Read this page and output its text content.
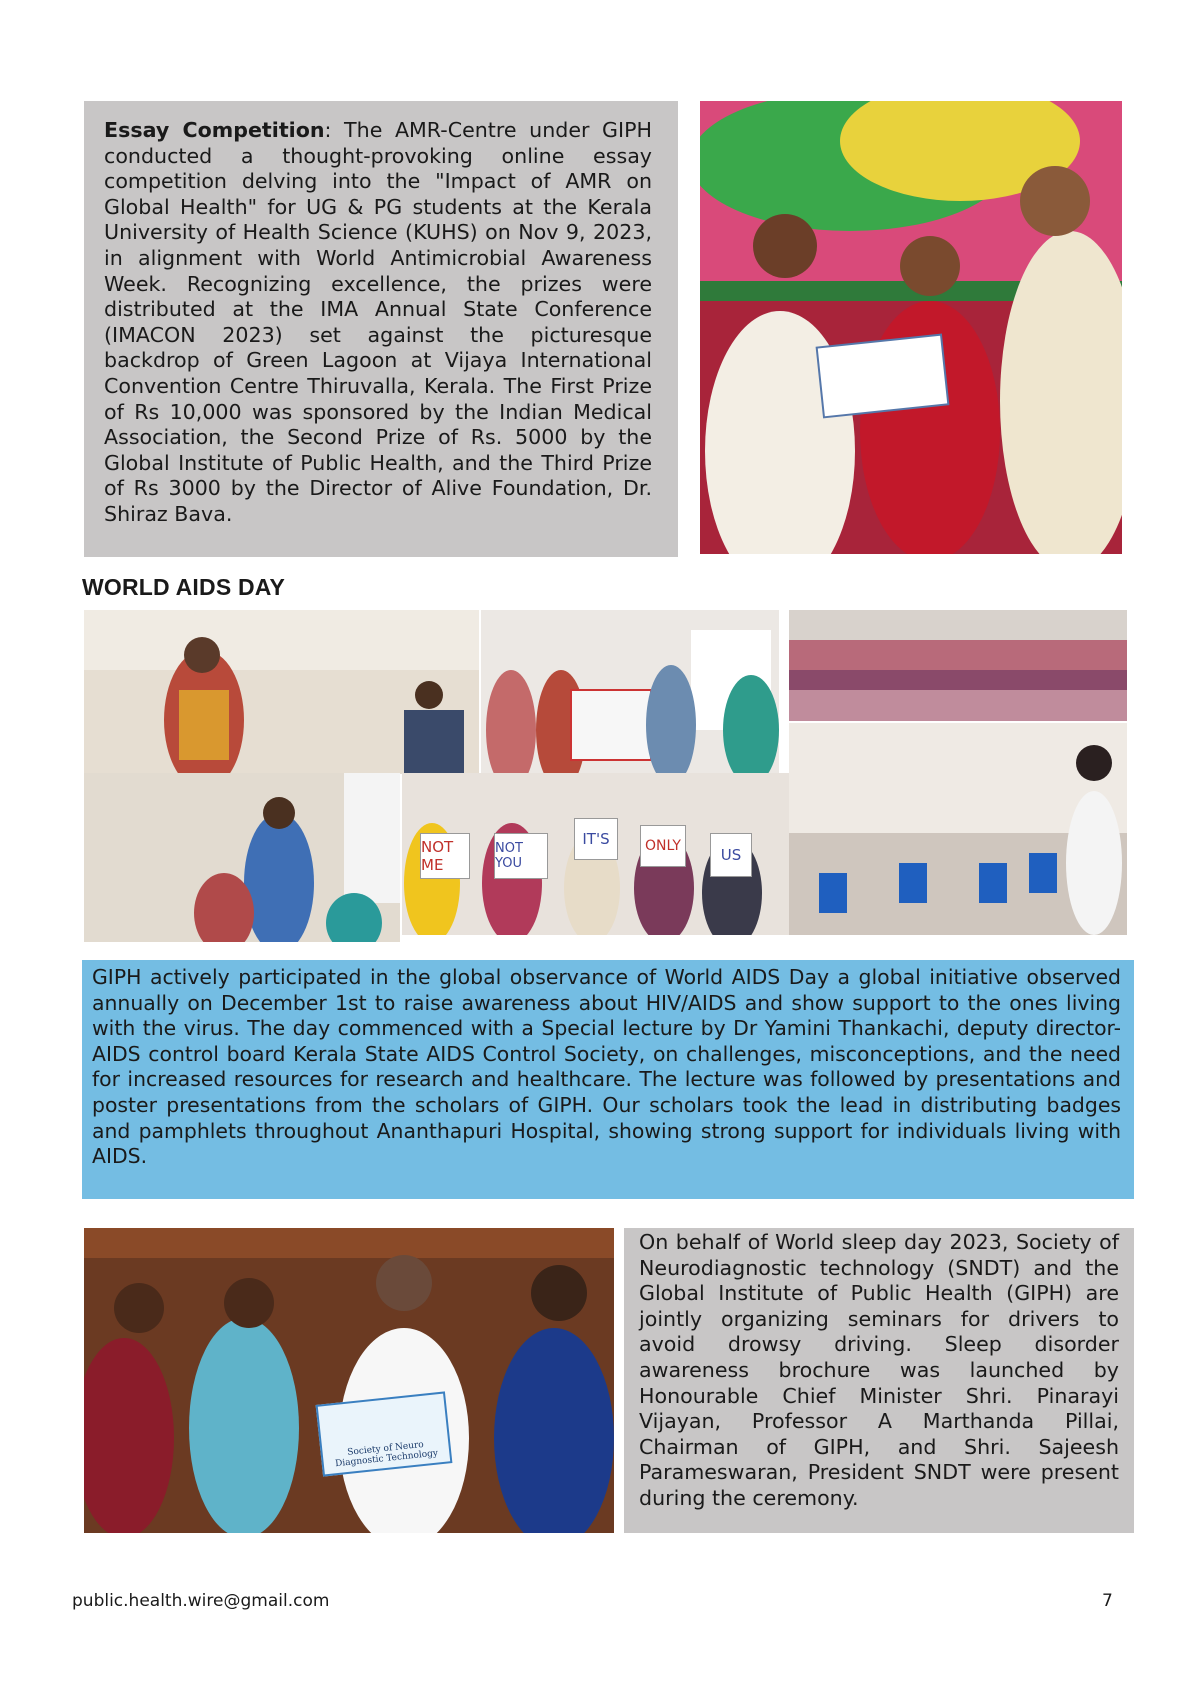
Essay Competition: The AMR-Centre under GIPH conducted a thought-provoking online essay competition delving into the "Impact of AMR on Global Health" for UG & PG students at the Kerala University of Health Science (KUHS) on Nov 9, 2023, in alignment with World Antimicrobial Awareness Week. Recognizing excellence, the prizes were distributed at the IMA Annual State Conference (IMACON 2023) set against the picturesque backdrop of Green Lagoon at Vijaya International Convention Centre Thiruvalla, Kerala. The First Prize of Rs 10,000 was sponsored by the Indian Medical Association, the Second Prize of Rs. 5000 by the Global Institute of Public Health, and the Third Prize of Rs 3000 by the Director of Alive Foundation, Dr. Shiraz Bava.
WORLD AIDS DAY
NOT ME
NOT YOU
IT'S	ONLY	US
GIPH actively participated in the global observance of World AIDS Day a global initiative observed annually on December 1st to raise awareness about HIV/AIDS and show support to the ones living with the virus. The day commenced with a Special lecture by Dr Yamini Thankachi, deputy director-AIDS control board Kerala State AIDS Control Society, on challenges, misconceptions, and the need for increased resources for research and healthcare. The lecture was followed by presentations and poster presentations from the scholars of GIPH. Our scholars took the lead in distributing badges and pamphlets throughout Ananthapuri Hospital, showing strong support for individuals living with AIDS.
Society of Neuro Diagnostic Technology
On behalf of World sleep day 2023, Society of Neurodiagnostic technology (SNDT) and the Global Institute of Public Health (GIPH) are jointly organizing seminars for drivers to avoid drowsy driving. Sleep disorder awareness brochure was launched by Honourable Chief Minister Shri. Pinarayi Vijayan, Professor A Marthanda Pillai, Chairman of GIPH, and Shri. Sajeesh Parameswaran, President SNDT were present during the ceremony.
public.health.wire@gmail.com	7
